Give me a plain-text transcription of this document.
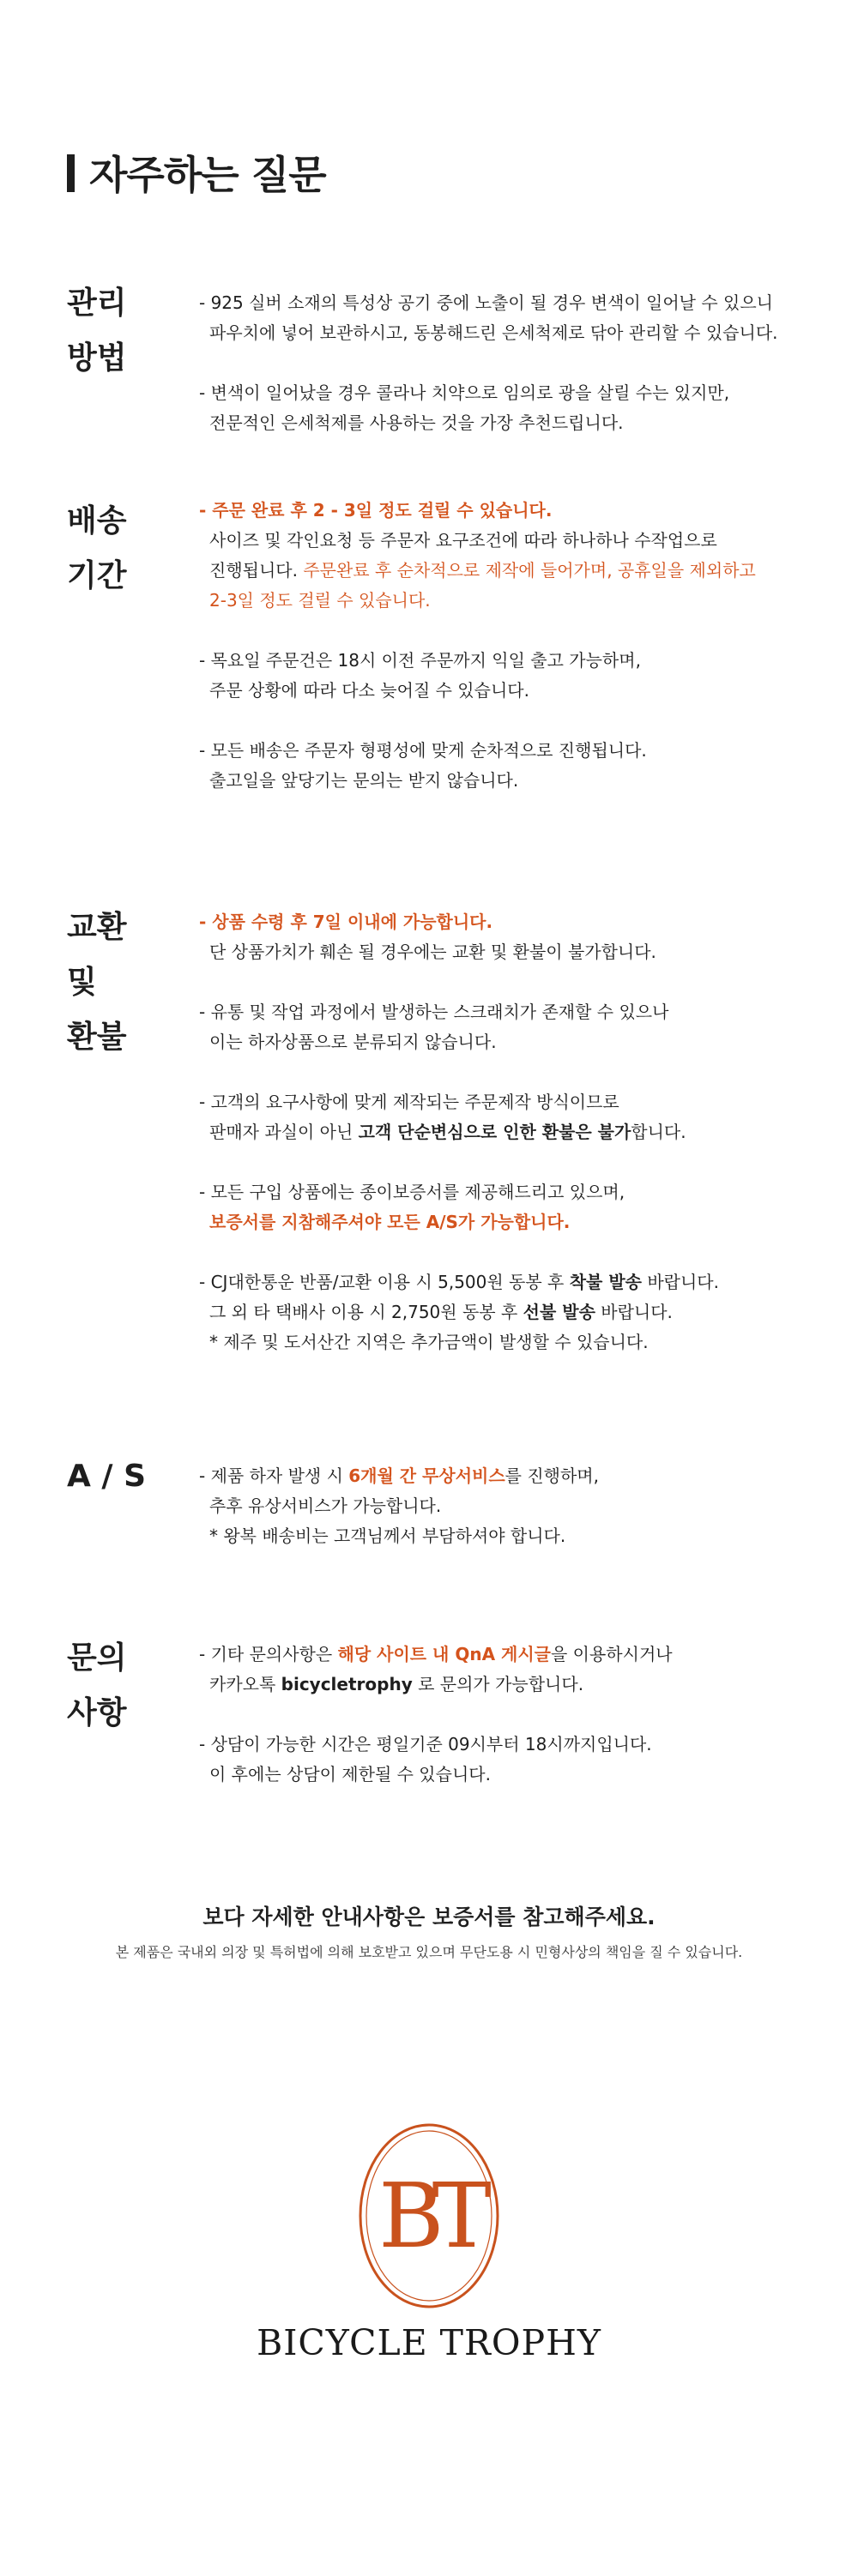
자주하는 질문
관리
방법

- 925 실버 소재의 특성상 공기 중에 노출이 될 경우 변색이 일어날 수 있으니
파우치에 넣어 보관하시고, 동봉해드린 은세척제로 닦아 관리할 수 있습니다.

- 변색이 일어났을 경우 콜라나 치약으로 임의로 광을 살릴 수는 있지만,
전문적인 은세척제를 사용하는 것을 가장 추천드립니다.

배송
기간

- 주문 완료 후 2 - 3일 정도 걸릴 수 있습니다.
사이즈 및 각인요청 등 주문자 요구조건에 따라 하나하나 수작업으로
진행됩니다. 주문완료 후 순차적으로 제작에 들어가며, 공휴일을 제외하고
2-3일 정도 걸릴 수 있습니다.

- 목요일 주문건은 18시 이전 주문까지 익일 출고 가능하며,
주문 상황에 따라 다소 늦어질 수 있습니다.

- 모든 배송은 주문자 형평성에 맞게 순차적으로 진행됩니다.
출고일을 앞당기는 문의는 받지 않습니다.

교환
및
환불

- 상품 수령 후 7일 이내에 가능합니다.
단 상품가치가 훼손 될 경우에는 교환 및 환불이 불가합니다.

- 유통 및 작업 과정에서 발생하는 스크래치가 존재할 수 있으나
이는 하자상품으로 분류되지 않습니다.

- 고객의 요구사항에 맞게 제작되는 주문제작 방식이므로
판매자 과실이 아닌 고객 단순변심으로 인한 환불은 불가합니다.

- 모든 구입 상품에는 종이보증서를 제공해드리고 있으며,
보증서를 지참해주셔야 모든 A/S가 가능합니다.

- CJ대한통운 반품/교환 이용 시 5,500원 동봉 후 착불 발송 바랍니다.
그 외 타 택배사 이용 시 2,750원 동봉 후 선불 발송 바랍니다.
* 제주 및 도서산간 지역은 추가금액이 발생할 수 있습니다.

A / S	- 제품 하자 발생 시 6개월 간 무상서비스를 진행하며,
추후 유상서비스가 가능합니다.
* 왕복 배송비는 고객님께서 부담하셔야 합니다.

문의
사항

- 기타 문의사항은 해당 사이트 내 QnA 게시글을 이용하시거나
카카오톡 bicycletrophy 로 문의가 가능합니다.

- 상담이 가능한 시간은 평일기준 09시부터 18시까지입니다.
이 후에는 상담이 제한될 수 있습니다.

보다 자세한 안내사항은 보증서를 참고해주세요.

본 제품은 국내외 의장 및 특허법에 의해 보호받고 있으며 무단도용 시 민형사상의 책임을 질 수 있습니다.

BT
BICYCLE TROPHY
